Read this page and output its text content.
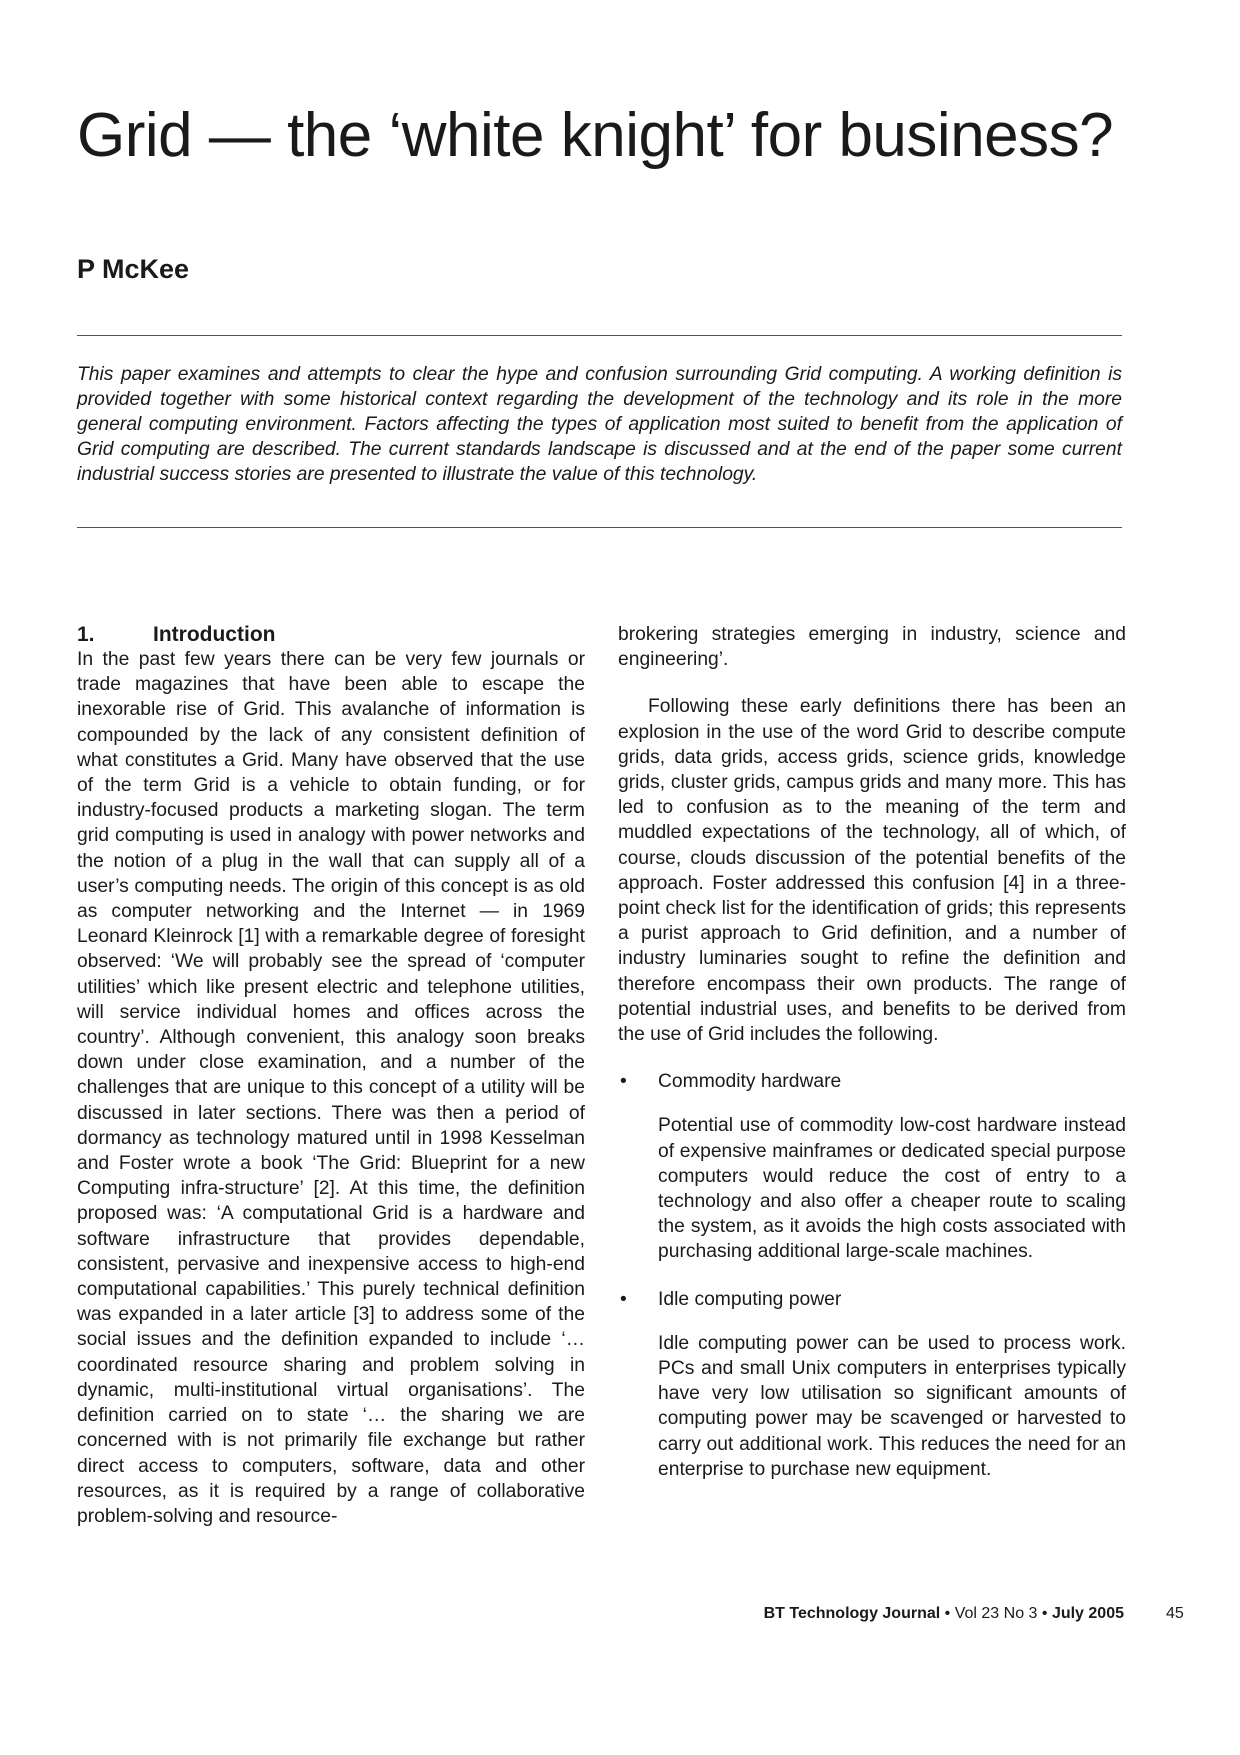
Grid — the ‘white knight’ for business?
P McKee

This paper examines and attempts to clear the hype and confusion surrounding Grid computing. A working definition is provided together with some historical context regarding the development of the technology and its role in the more general computing environment. Factors affecting the types of application most suited to benefit from the application of Grid computing are described. The current standards landscape is discussed and at the end of the paper some current industrial success stories are presented to illustrate the value of this technology.

1.	Introduction

In the past few years there can be very few journals or trade magazines that have been able to escape the inexorable rise of Grid. This avalanche of information is compounded by the lack of any consistent definition of what constitutes a Grid. Many have observed that the use of the term Grid is a vehicle to obtain funding, or for industry-focused products a marketing slogan. The term grid computing is used in analogy with power networks and the notion of a plug in the wall that can supply all of a user’s computing needs. The origin of this concept is as old as computer networking and the Internet — in 1969 Leonard Kleinrock [1] with a remarkable degree of foresight observed: ‘We will probably see the spread of ‘computer utilities’ which like present electric and telephone utilities, will service individual homes and offices across the country’. Although convenient, this analogy soon breaks down under close examination, and a number of the challenges that are unique to this concept of a utility will be discussed in later sections. There was then a period of dormancy as technology matured until in 1998 Kesselman and Foster wrote a book ‘The Grid: Blueprint for a new Computing infra-structure’ [2]. At this time, the definition proposed was: ‘A computational Grid is a hardware and software infrastructure that provides dependable, consistent, pervasive and inexpensive access to high-end computational capabilities.’ This purely technical definition was expanded in a later article [3] to address some of the social issues and the definition expanded to include ‘… coordinated resource sharing and problem solving in dynamic, multi-institutional virtual organisations’. The definition carried on to state ‘… the sharing we are concerned with is not primarily file exchange but rather direct access to computers, software, data and other resources, as it is required by a range of collaborative problem-solving and resource-

brokering strategies emerging in industry, science and engineering’.

Following these early definitions there has been an explosion in the use of the word Grid to describe compute grids, data grids, access grids, science grids, knowledge grids, cluster grids, campus grids and many more. This has led to confusion as to the meaning of the term and muddled expectations of the technology, all of which, of course, clouds discussion of the potential benefits of the approach. Foster addressed this confusion [4] in a three-point check list for the identification of grids; this represents a purist approach to Grid definition, and a number of industry luminaries sought to refine the definition and therefore encompass their own products. The range of potential industrial uses, and benefits to be derived from the use of Grid includes the following.

• Commodity hardware

Potential use of commodity low-cost hardware instead of expensive mainframes or dedicated special purpose computers would reduce the cost of entry to a technology and also offer a cheaper route to scaling the system, as it avoids the high costs associated with purchasing additional large-scale machines.

• Idle computing power

Idle computing power can be used to process work. PCs and small Unix computers in enterprises typically have very low utilisation so significant amounts of computing power may be scavenged or harvested to carry out additional work. This reduces the need for an enterprise to purchase new equipment.

BT Technology Journal • Vol 23 No 3 • July 2005	45
